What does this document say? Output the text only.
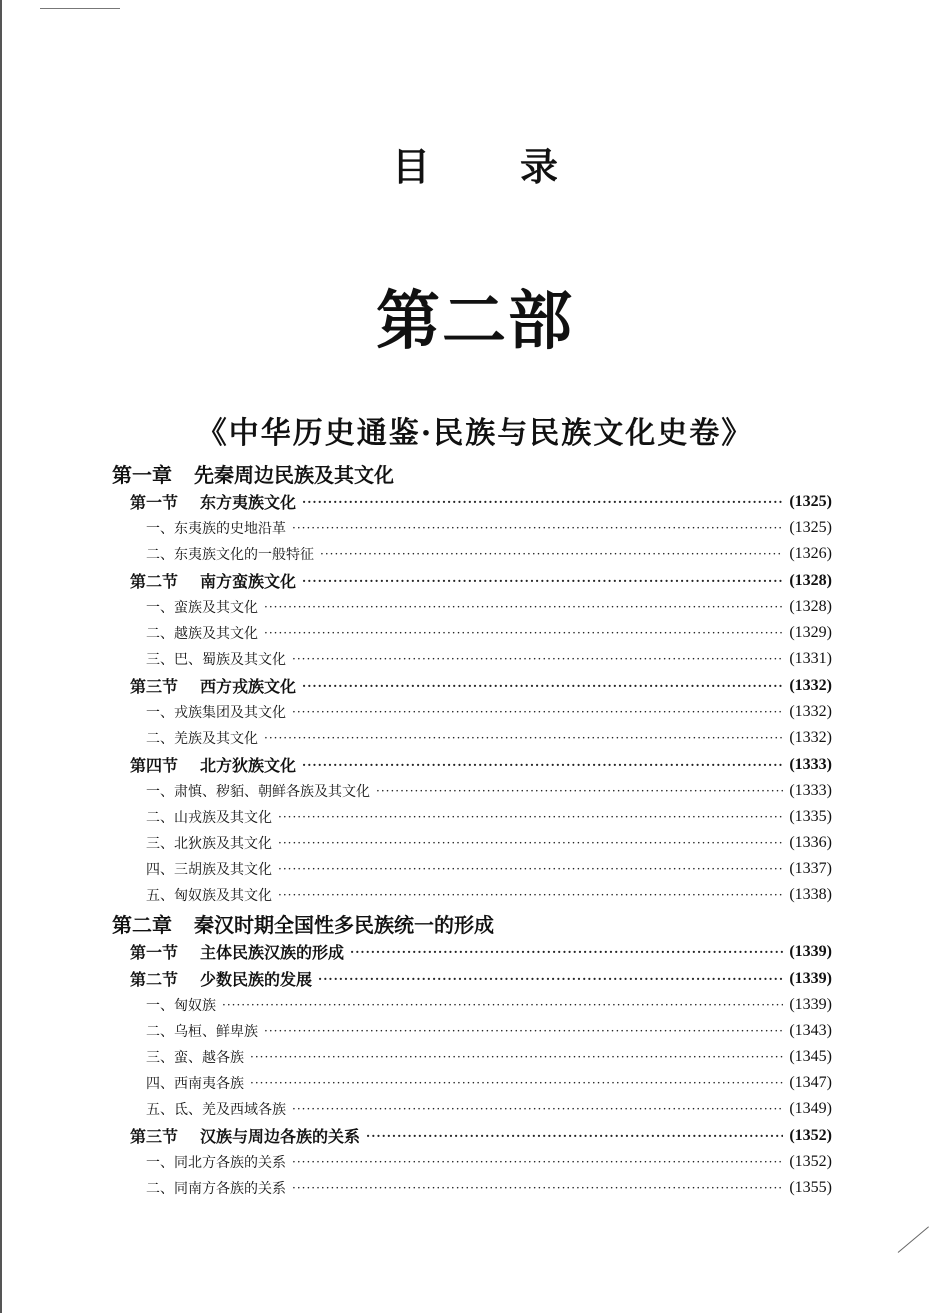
目录
第二部
《中华历史通鉴·民族与民族文化史卷》
第一章 先秦周边民族及其文化
第一节 东方夷族文化 ·····	(1325)
一、东夷族的史地沿革 ·····	(1325)
二、东夷族文化的一般特征 ·····	(1326)
第二节 南方蛮族文化 ·····	(1328)
一、蛮族及其文化 ·····	(1328)
二、越族及其文化 ·····	(1329)
三、巴、蜀族及其文化 ·····	(1331)
第三节 西方戎族文化 ·····	(1332)
一、戎族集团及其文化 ·····	(1332)
二、羌族及其文化 ·····	(1332)
第四节 北方狄族文化 ·····	(1333)
一、肃慎、秽貊、朝鲜各族及其文化 ·····	(1333)
二、山戎族及其文化 ·····	(1335)
三、北狄族及其文化 ·····	(1336)
四、三胡族及其文化 ·····	(1337)
五、匈奴族及其文化 ·····	(1338)
第二章 秦汉时期全国性多民族统一的形成
第一节 主体民族汉族的形成 ·····	(1339)
第二节 少数民族的发展 ·····	(1339)
一、匈奴族 ·····	(1339)
二、乌桓、鲜卑族 ·····	(1343)
三、蛮、越各族 ·····	(1345)
四、西南夷各族 ·····	(1347)
五、氐、羌及西域各族 ·····	(1349)
第三节 汉族与周边各族的关系 ·····	(1352)
一、同北方各族的关系 ·····	(1352)
二、同南方各族的关系 ·····	(1355)
